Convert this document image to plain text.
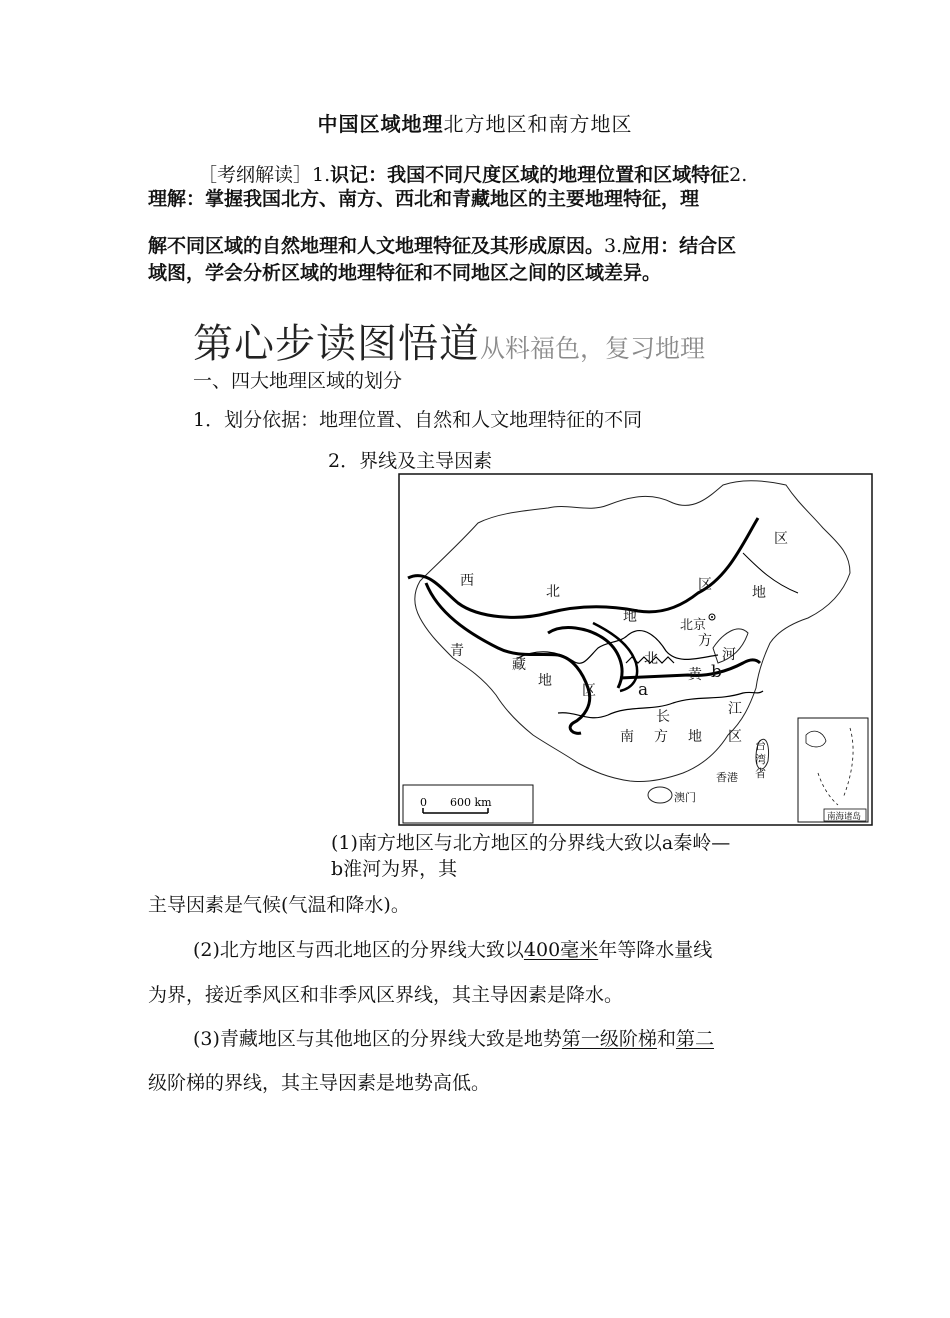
中国区域地理北方地区和南方地区
［考纲解读］1.识记：我国不同尺度区域的地理位置和区域特征2.
理解：掌握我国北方、南方、西北和青藏地区的主要地理特征，理
解不同区域的自然地理和人文地理特征及其形成原因。3.应用：结合区
域图，学会分析区域的地理特征和不同地区之间的区域差异。
第心步读图悟道从料福色，复习地理
一、四大地理区域的划分
1．划分依据：地理位置、自然和人文地理特征的不同
2．界线及主导因素
西
北	区
地
青
藏
地
区
北
方
北京
河
黄
a
b
长	江
南 方 地 区
区
地
台
湾
省
香港
澳门
0 600 km
南海诸岛
(1)南方地区与北方地区的分界线大致以a秦岭—
b淮河为界，其
主导因素是气候(气温和降水)。
(2)北方地区与西北地区的分界线大致以400毫米年等降水量线
为界，接近季风区和非季风区界线，其主导因素是降水。
(3)青藏地区与其他地区的分界线大致是地势第一级阶梯和第二
级阶梯的界线，其主导因素是地势高低。
